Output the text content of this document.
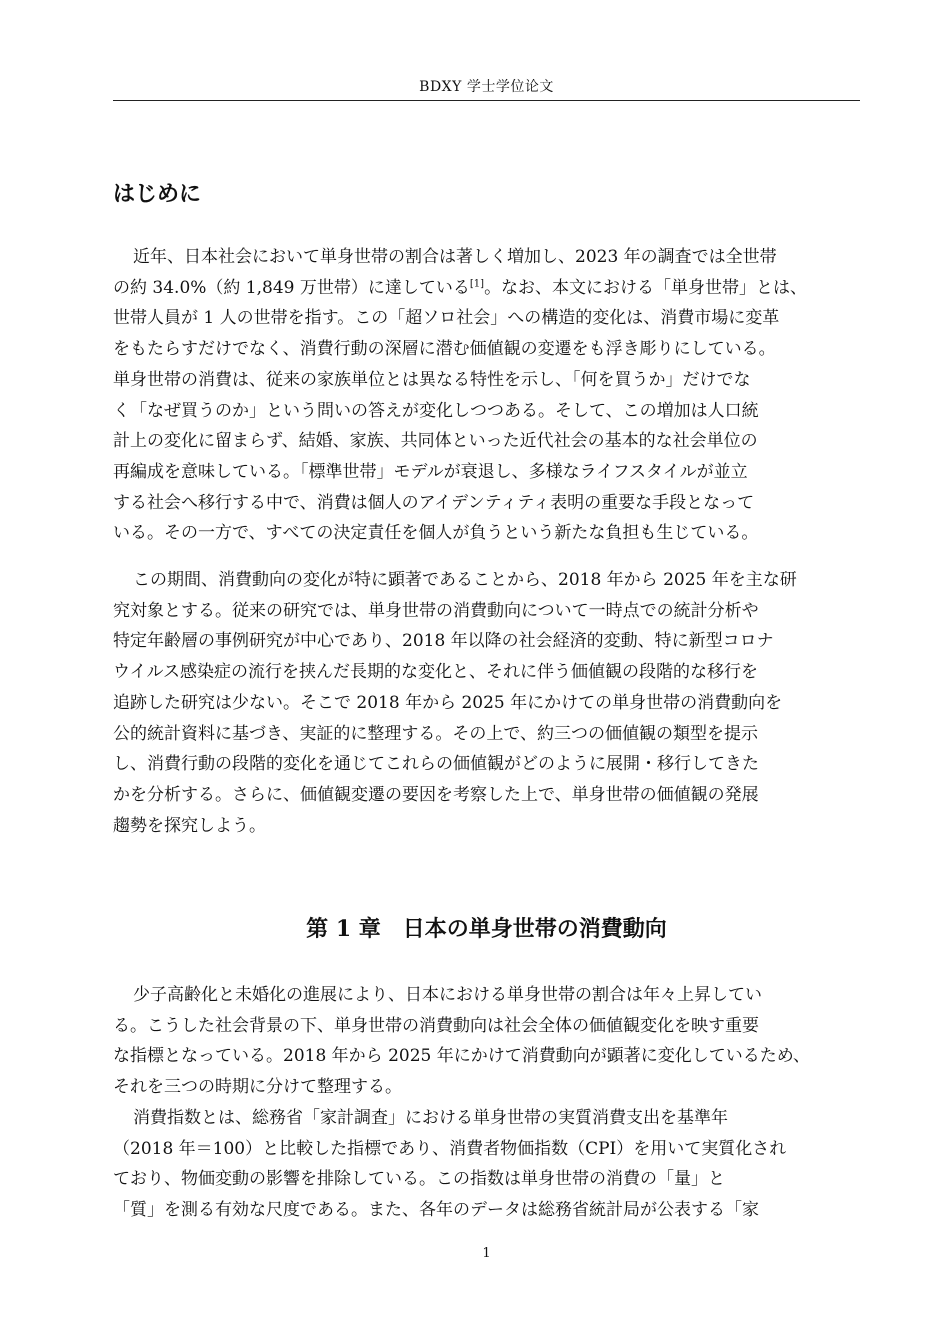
BDXY 学士学位论文
はじめに
近年、日本社会において単身世帯の割合は著しく増加し、2023 年の調査では全世帯
の約 34.0%（約 1,849 万世帯）に達している[1]。なお、本文における「単身世帯」とは、
世帯人員が 1 人の世帯を指す。この「超ソロ社会」への構造的変化は、消費市場に変革
をもたらすだけでなく、消費行動の深層に潜む価値観の変遷をも浮き彫りにしている。
単身世帯の消費は、従来の家族単位とは異なる特性を示し、「何を買うか」だけでな
く「なぜ買うのか」という問いの答えが変化しつつある。そして、この増加は人口統
計上の変化に留まらず、結婚、家族、共同体といった近代社会の基本的な社会単位の
再編成を意味している。「標準世帯」モデルが衰退し、多様なライフスタイルが並立
する社会へ移行する中で、消費は個人のアイデンティティ表明の重要な手段となって
いる。その一方で、すべての決定責任を個人が負うという新たな負担も生じている。
この期間、消費動向の変化が特に顕著であることから、2018 年から 2025 年を主な研
究対象とする。従来の研究では、単身世帯の消費動向について一時点での統計分析や
特定年齢層の事例研究が中心であり、2018 年以降の社会経済的変動、特に新型コロナ
ウイルス感染症の流行を挟んだ長期的な変化と、それに伴う価値観の段階的な移行を
追跡した研究は少ない。そこで 2018 年から 2025 年にかけての単身世帯の消費動向を
公的統計資料に基づき、実証的に整理する。その上で、約三つの価値観の類型を提示
し、消費行動の段階的変化を通じてこれらの価値観がどのように展開・移行してきた
かを分析する。さらに、価値観変遷の要因を考察した上で、単身世帯の価値観の発展
趨勢を探究しよう。
第 1 章　日本の単身世帯の消費動向
少子高齢化と未婚化の進展により、日本における単身世帯の割合は年々上昇してい
る。こうした社会背景の下、単身世帯の消費動向は社会全体の価値観変化を映す重要
な指標となっている。2018 年から 2025 年にかけて消費動向が顕著に変化しているため、
それを三つの時期に分けて整理する。
消費指数とは、総務省「家計調査」における単身世帯の実質消費支出を基準年
（2018 年＝100）と比較した指標であり、消費者物価指数（CPI）を用いて実質化され
ており、物価変動の影響を排除している。この指数は単身世帯の消費の「量」と
「質」を測る有効な尺度である。また、各年のデータは総務省統計局が公表する「家
1
